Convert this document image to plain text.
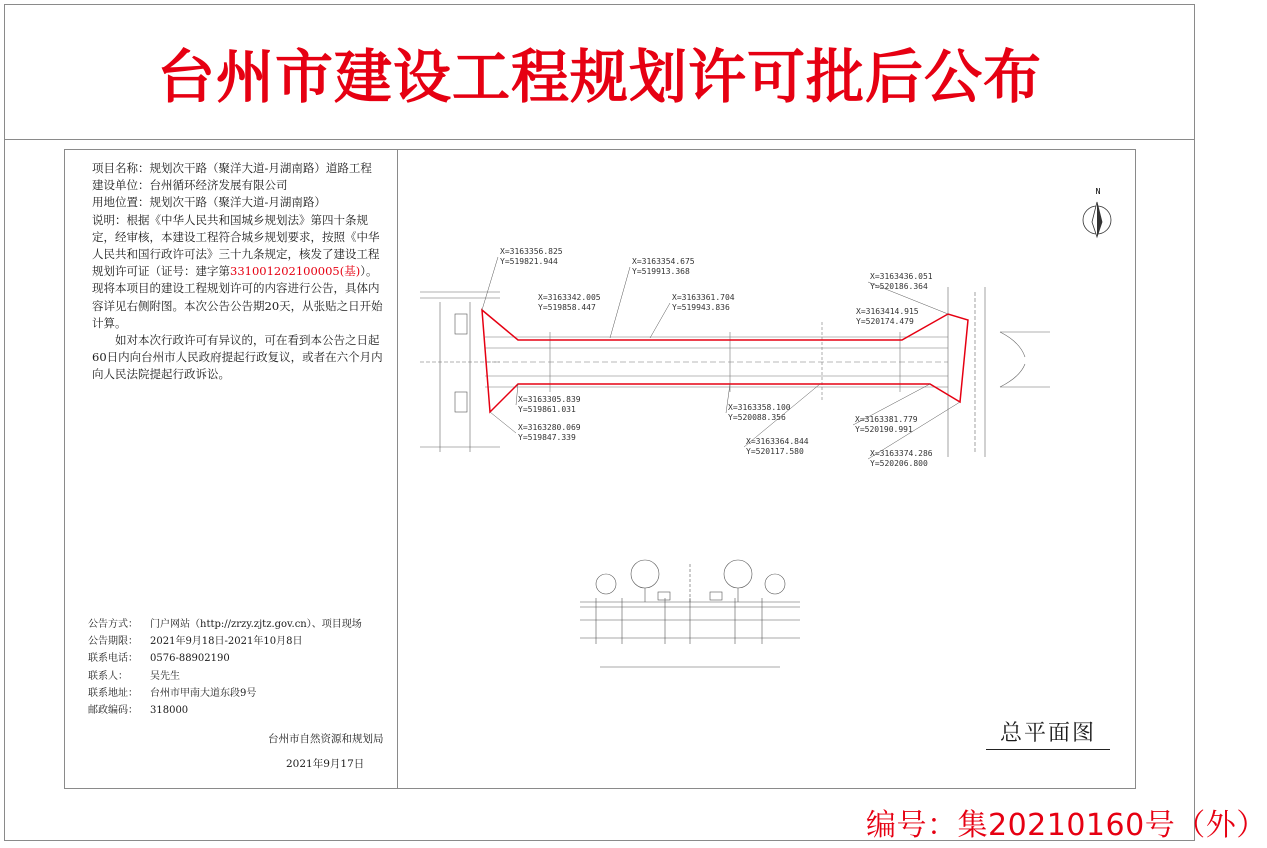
台州市建设工程规划许可批后公布

项目名称：规划次干路（聚洋大道-月湖南路）道路工程

建设单位：台州循环经济发展有限公司

用地位置：规划次干路（聚洋大道-月湖南路）

说明：根据《中华人民共和国城乡规划法》第四十条规定，经审核，本建设工程符合城乡规划要求，按照《中华人民共和国行政许可法》三十九条规定，核发了建设工程规划许可证（证号：建字第331001202100005(基)）。现将本项目的建设工程规划许可的内容进行公告，具体内容详见右侧附图。本次公告公告期20天，从张贴之日开始计算。

如对本次行政许可有异议的，可在看到本公告之日起60日内向台州市人民政府提起行政复议，或者在六个月内向人民法院提起行政诉讼。

公告方式：	门户网站（http://zrzy.zjtz.gov.cn）、项目现场
公告期限：	2021年9月18日-2021年10月8日
联系电话：	0576-88902190
联系人：	吴先生
联系地址：	台州市甲南大道东段9号
邮政编码：	318000
台州市自然资源和规划局
2021年9月17日
N
X=3163356.825
Y=519821.944	X=3163354.675
Y=519913.368
X=3163342.005
Y=519858.447
X=3163361.704
Y=519943.836
X=3163436.051
Y=520186.364
X=3163414.915
Y=520174.479
X=3163305.839
Y=519861.031
X=3163280.069
Y=519847.339
X=3163358.100
Y=520088.356	X=3163381.779
Y=520190.991
X=3163364.844
Y=520117.580	X=3163374.286
Y=520206.800
总平面图
编号：集20210160号（外）
